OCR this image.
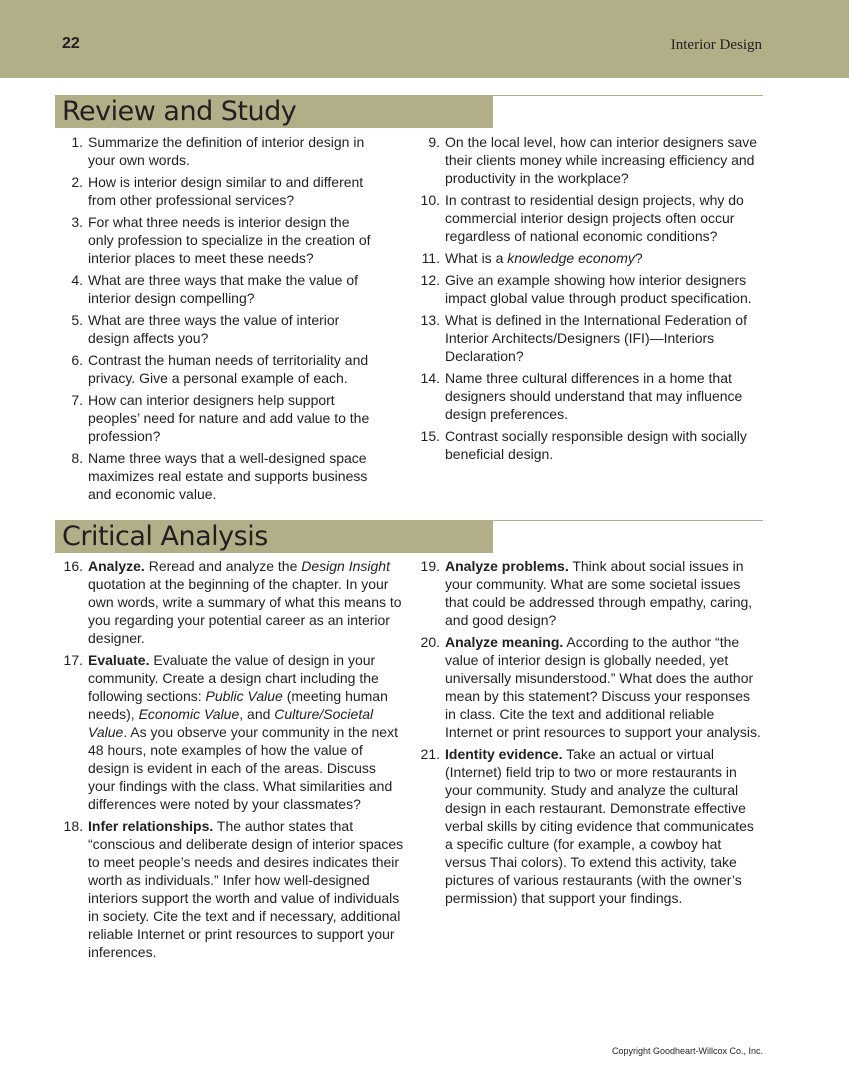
22	Interior Design
Review and Study
1. Summarize the definition of interior design in your own words.
2. How is interior design similar to and different from other professional services?
3. For what three needs is interior design the only profession to specialize in the creation of interior places to meet these needs?
4. What are three ways that make the value of interior design compelling?
5. What are three ways the value of interior design affects you?
6. Contrast the human needs of territoriality and privacy. Give a personal example of each.
7. How can interior designers help support peoples’ need for nature and add value to the profession?
8. Name three ways that a well-designed space maximizes real estate and supports business and economic value.
9. On the local level, how can interior designers save their clients money while increasing efficiency and productivity in the workplace?
10. In contrast to residential design projects, why do commercial interior design projects often occur regardless of national economic conditions?
11. What is a knowledge economy?
12. Give an example showing how interior designers impact global value through product specification.
13. What is defined in the International Federation of Interior Architects/Designers (IFI)—Interiors Declaration?
14. Name three cultural differences in a home that designers should understand that may influence design preferences.
15. Contrast socially responsible design with socially beneficial design.
Critical Analysis
16. Analyze. Reread and analyze the Design Insight quotation at the beginning of the chapter. In your own words, write a summary of what this means to you regarding your potential career as an interior designer.
17. Evaluate. Evaluate the value of design in your community. Create a design chart including the following sections: Public Value (meeting human needs), Economic Value, and Culture/Societal Value. As you observe your community in the next 48 hours, note examples of how the value of design is evident in each of the areas. Discuss your findings with the class. What similarities and differences were noted by your classmates?
18. Infer relationships. The author states that “conscious and deliberate design of interior spaces to meet people’s needs and desires indicates their worth as individuals.” Infer how well-designed interiors support the worth and value of individuals in society. Cite the text and if necessary, additional reliable Internet or print resources to support your inferences.
19. Analyze problems. Think about social issues in your community. What are some societal issues that could be addressed through empathy, caring, and good design?
20. Analyze meaning. According to the author “the value of interior design is globally needed, yet universally misunderstood.” What does the author mean by this statement? Discuss your responses in class. Cite the text and additional reliable Internet or print resources to support your analysis.
21. Identity evidence. Take an actual or virtual (Internet) field trip to two or more restaurants in your community. Study and analyze the cultural design in each restaurant. Demonstrate effective verbal skills by citing evidence that communicates a specific culture (for example, a cowboy hat versus Thai colors). To extend this activity, take pictures of various restaurants (with the owner’s permission) that support your findings.
Copyright Goodheart-Willcox Co., Inc.
